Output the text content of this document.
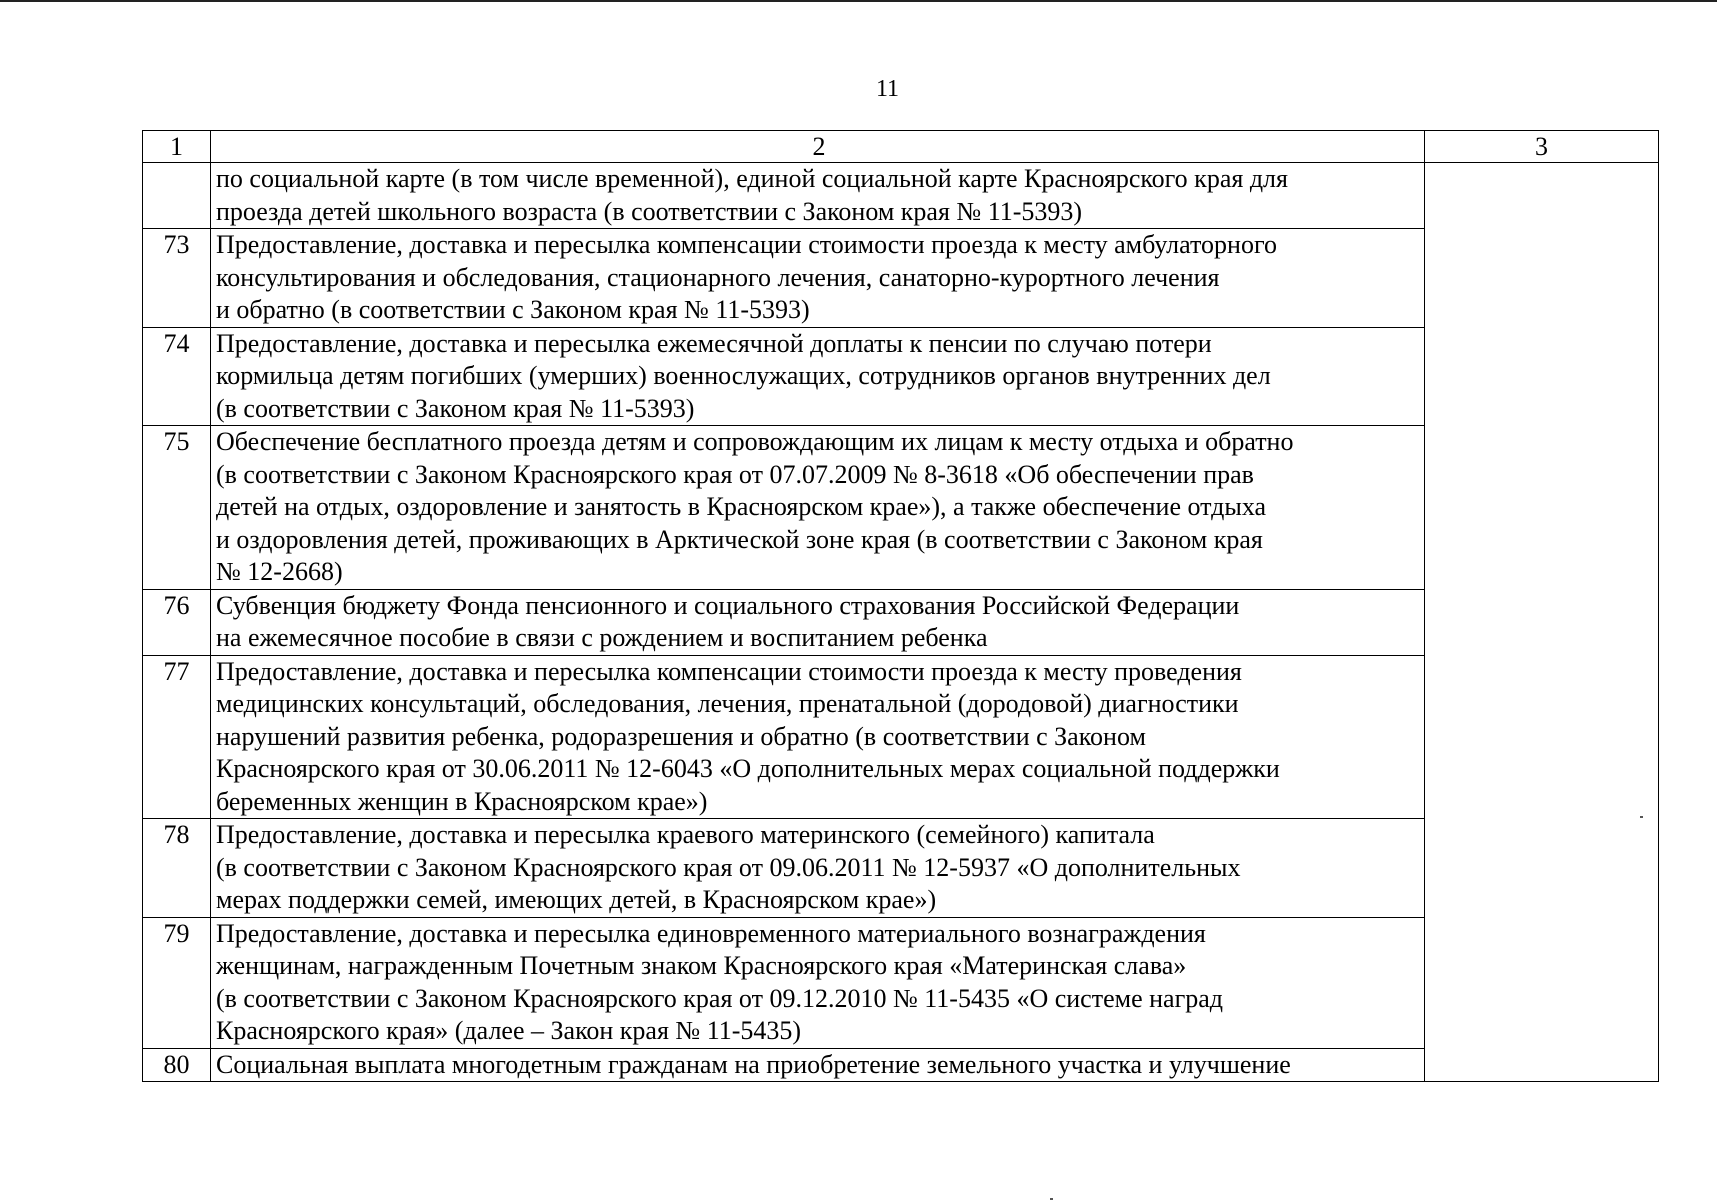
11
1	2	3
	по социальной карте (в том числе временной), единой социальной карте Красноярского края для
проезда детей школьного возраста (в соответствии с Законом края № 11-5393)	
73	Предоставление, доставка и пересылка компенсации стоимости проезда к месту амбулаторного
консультирования и обследования, стационарного лечения, санаторно-курортного лечения
и обратно (в соответствии с Законом края № 11-5393)	
74	Предоставление, доставка и пересылка ежемесячной доплаты к пенсии по случаю потери
кормильца детям погибших (умерших) военнослужащих, сотрудников органов внутренних дел
(в соответствии с Законом края № 11-5393)	
75	Обеспечение бесплатного проезда детям и сопровождающим их лицам к месту отдыха и обратно
(в соответствии с Законом Красноярского края от 07.07.2009 № 8-3618 «Об обеспечении прав
детей на отдых, оздоровление и занятость в Красноярском крае»), а также обеспечение отдыха
и оздоровления детей, проживающих в Арктической зоне края (в соответствии с Законом края
№ 12-2668)	
76	Субвенция бюджету Фонда пенсионного и социального страхования Российской Федерации
на ежемесячное пособие в связи с рождением и воспитанием ребенка	
77	Предоставление, доставка и пересылка компенсации стоимости проезда к месту проведения
медицинских консультаций, обследования, лечения, пренатальной (дородовой) диагностики
нарушений развития ребенка, родоразрешения и обратно (в соответствии с Законом
Красноярского края от 30.06.2011 № 12-6043 «О дополнительных мерах социальной поддержки
беременных женщин в Красноярском крае»)	
78	Предоставление, доставка и пересылка краевого материнского (семейного) капитала
(в соответствии с Законом Красноярского края от 09.06.2011 № 12-5937 «О дополнительных
мерах поддержки семей, имеющих детей, в Красноярском крае»)	
79	Предоставление, доставка и пересылка единовременного материального вознаграждения
женщинам, награжденным Почетным знаком Красноярского края «Материнская слава»
(в соответствии с Законом Красноярского края от 09.12.2010 № 11-5435 «О системе наград
Красноярского края» (далее – Закон края № 11-5435)	
80	Социальная выплата многодетным гражданам на приобретение земельного участка и улучшение	
